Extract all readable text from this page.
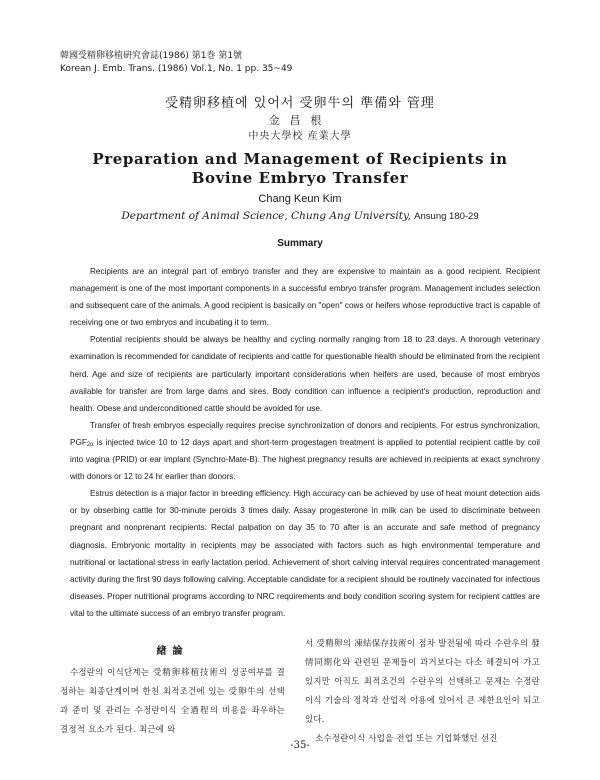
韓國受精卵移植硏究會誌(1986) 第1巻 第1號
Korean J. Emb. Trans. (1986) Vol.1, No. 1 pp. 35~49
受精卵移植에 있어서 受卵牛의 準備와 管理
金昌根
中央大學校 産業大學
Preparation and Management of Recipients in
Bovine Embryo Transfer
Chang Keun Kim
Department of Animal Science, Chung Ang University, Ansung 180-29
Summary

Recipients are an integral part of embryo transfer and they are expensive to maintain as a good recipient. Recipient management is one of the most important components in a successful embryo transfer program. Management includes selection and subsequent care of the animals. A good recipient is basically on "open" cows or heifers whose reproductive tract is capable of receiving one or two embryos and incubating it to term.

Potential recipients should be always be healthy and cycling normally ranging from 18 to 23 days. A thorough veterinary examination is recommended for candidate of recipients and cattle for questionable health should be eliminated from the recipient herd. Age and size of recipients are particularly important considerations when heifers are used, because of most embryos available for transfer are from large dams and sires. Body condition can influence a recipient's production, reproduction and health. Obese and underconditioned cattle should be avoided for use.

Transfer of fresh embryos especially requires precise synchronization of donors and recipients. For estrus synchronization, $PGF_{2\alpha}$ is injected twice 10 to 12 days apart and short-term progestagen treatment is applied to potential recipient cattle by coil into vagina (PRID) or ear implant (Synchro-Mate-B). The highest pregnancy results are achieved in recipients at exact synchrony with donors or 12 to 24 hr earlier than donors.

Estrus detection is a major factor in breeding efficiency. High accuracy can be achieved by use of heat mount detection aids or by obserbing cattle for 30-minute peroids 3 times daily. Assay progesterone in milk can be used to discriminate between pregnant and nonprenant recipients. Rectal palpation on day 35 to 70 after is an accurate and safe method of pregnancy diagnosis. Embryonic mortality in recipients may be associated with factors such as high environmental temperature and nutritional or lactational stress in early lactation period. Achievement of short calving interval requires concentrated management activity during the first 90 days following calving. Acceptable candidate for a recipient should be routinely vaccinated for infectious diseases. Proper nutritional programs according to NRC requirements and body condition scoring system for recipient cattles are vital to the ultimate success of an embryo transfer program.

緖論

수정란의 이식단계는 受精卵移植技術의 성공여부를 결정하는 최종단계이며 한천 최적조건에 있는 受卵牛의 선택과 준비 및 관리는 수정란이식 全過程의 비용을 좌우하는 결정적 요소가 된다. 최근에 와

서 受精卵의 凍結保存技術이 점차 발전됨에 따라 수란우의 發情同期化와 관련된 문제들이 과거보다는 다소 해결되어 가고 있지만 아직도 최적조건의 수란우의 선택하고 문제는 수정란이식 기술의 정착과 산업적 이용에 있어서 큰 제한요인이 되고 있다.

소수정란이식 사업을 전업 또는 기업화했던 선진

-35-
